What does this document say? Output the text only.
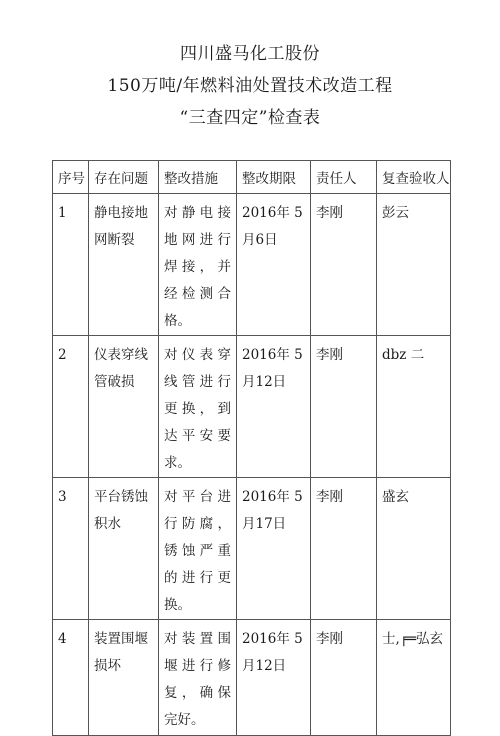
四川盛马化工股份
150万吨/年燃料油处置技术改造工程
“三查四定”检查表
序号	存在问题	整改措施	整改期限	责任人	复查验收人
1	静电接地网断裂	对静电接地网进行焊接，并经检测合格。	2016年 5 月6日	李刚	彭云
2	仪表穿线管破损	对仪表穿线管进行更换，到达平安要求。	2016年 5 月12日	李刚	dbz 二
3	平台锈蚀积水	对平台进行防腐，锈蚀严重的进行更换。	2016年 5 月17日	李刚	盛玄
4	装置围堰损坏	对装置围堰进行修复，确保完好。	2016年 5 月12日	李刚	士,╒═弘玄
